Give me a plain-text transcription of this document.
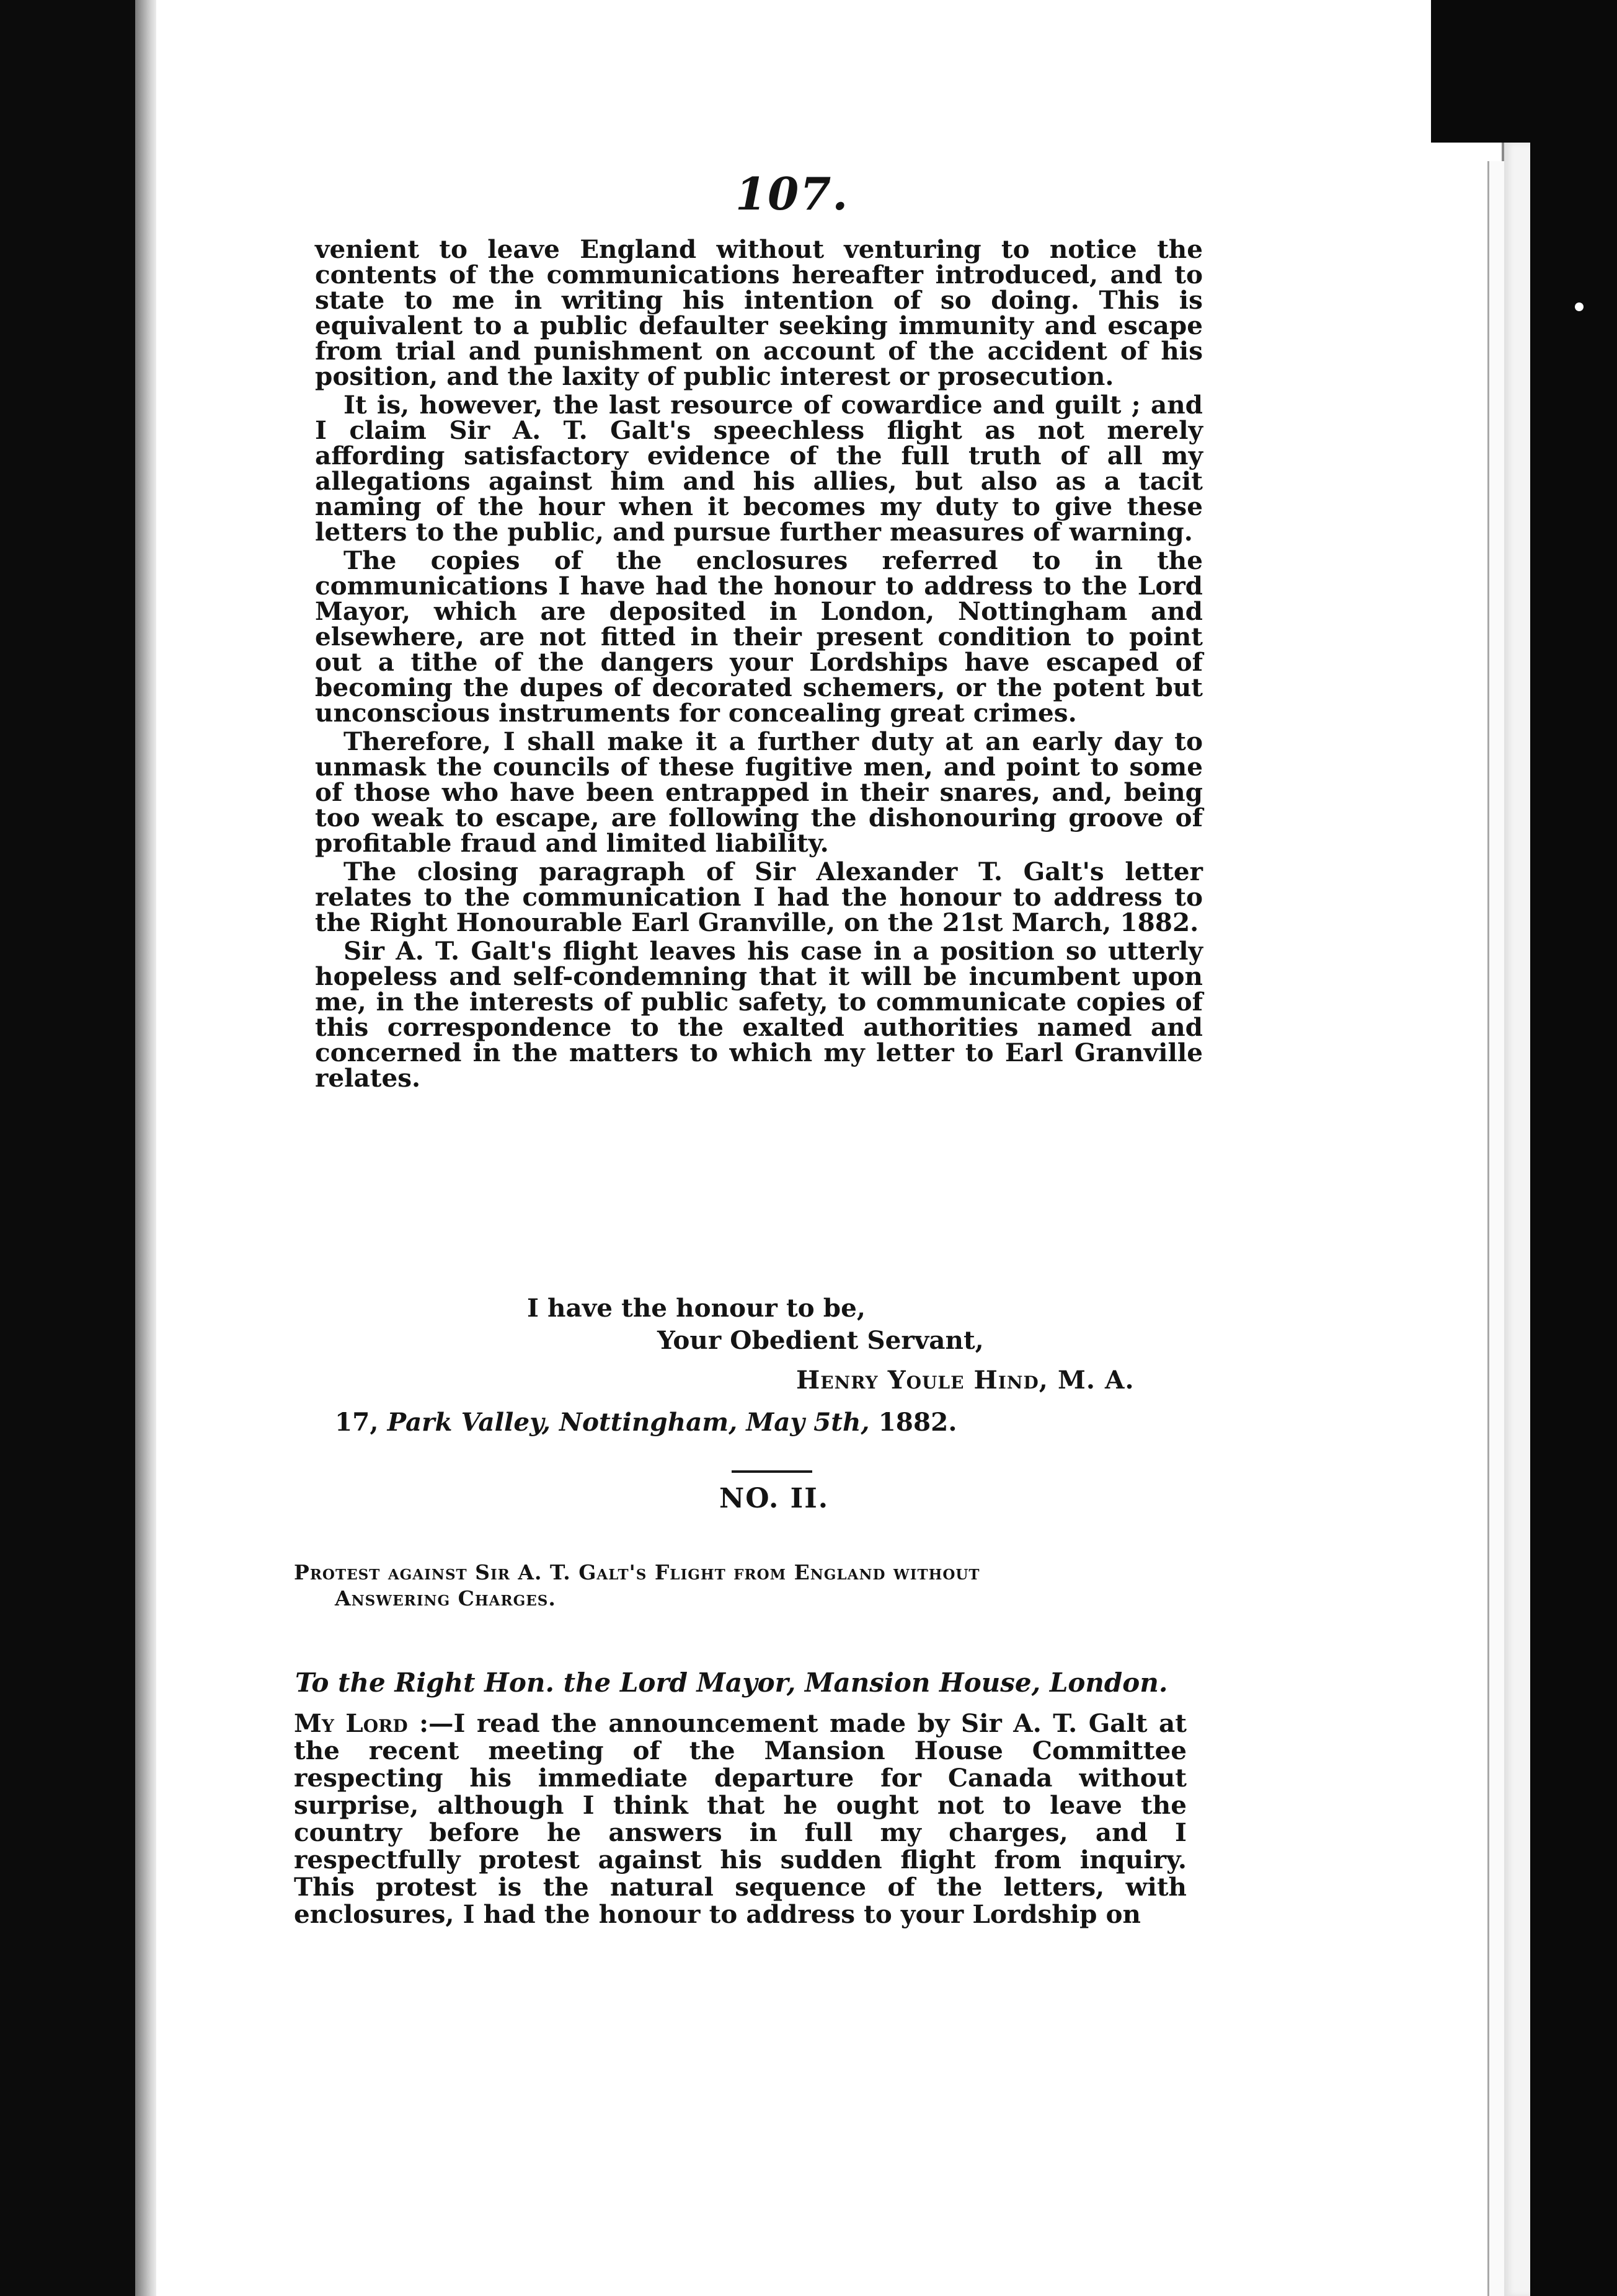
107.

venient to leave England without venturing to notice the contents of the communications hereafter introduced, and to state to me in writing his intention of so doing. This is equivalent to a public defaulter seeking immunity and escape from trial and punishment on account of the accident of his position, and the laxity of public interest or prosecution.

It is, however, the last resource of cowardice and guilt ; and I claim Sir A. T. Galt's speechless flight as not merely affording satisfactory evidence of the full truth of all my allegations against him and his allies, but also as a tacit naming of the hour when it becomes my duty to give these letters to the public, and pursue further measures of warning.

The copies of the enclosures referred to in the communications I have had the honour to address to the Lord Mayor, which are deposited in London, Nottingham and elsewhere, are not fitted in their present condition to point out a tithe of the dangers your Lordships have escaped of becoming the dupes of decorated schemers, or the potent but unconscious instruments for concealing great crimes.

Therefore, I shall make it a further duty at an early day to unmask the councils of these fugitive men, and point to some of those who have been entrapped in their snares, and, being too weak to escape, are following the dishonouring groove of profitable fraud and limited liability.

The closing paragraph of Sir Alexander T. Galt's letter relates to the communication I had the honour to address to the Right Honourable Earl Granville, on the 21st March, 1882.

Sir A. T. Galt's flight leaves his case in a position so utterly hopeless and self-condemning that it will be incumbent upon me, in the interests of public safety, to communicate copies of this correspondence to the exalted authorities named and concerned in the matters to which my letter to Earl Granville relates.

I have the honour to be,
Your Obedient Servant,
Henry Youle Hind, M. A.
17, Park Valley, Nottingham, May 5th, 1882.
NO. II.
Protest against Sir A. T. Galt's Flight from England without
Answering Charges.
To the Right Hon. the Lord Mayor, Mansion House, London.
My Lord :—I read the announcement made by Sir A. T. Galt at the recent meeting of the Mansion House Committee respecting his immediate departure for Canada without surprise, although I think that he ought not to leave the country before he answers in full my charges, and I respectfully protest against his sudden flight from inquiry. This protest is the natural sequence of the letters, with enclosures, I had the honour to address to your Lordship on
